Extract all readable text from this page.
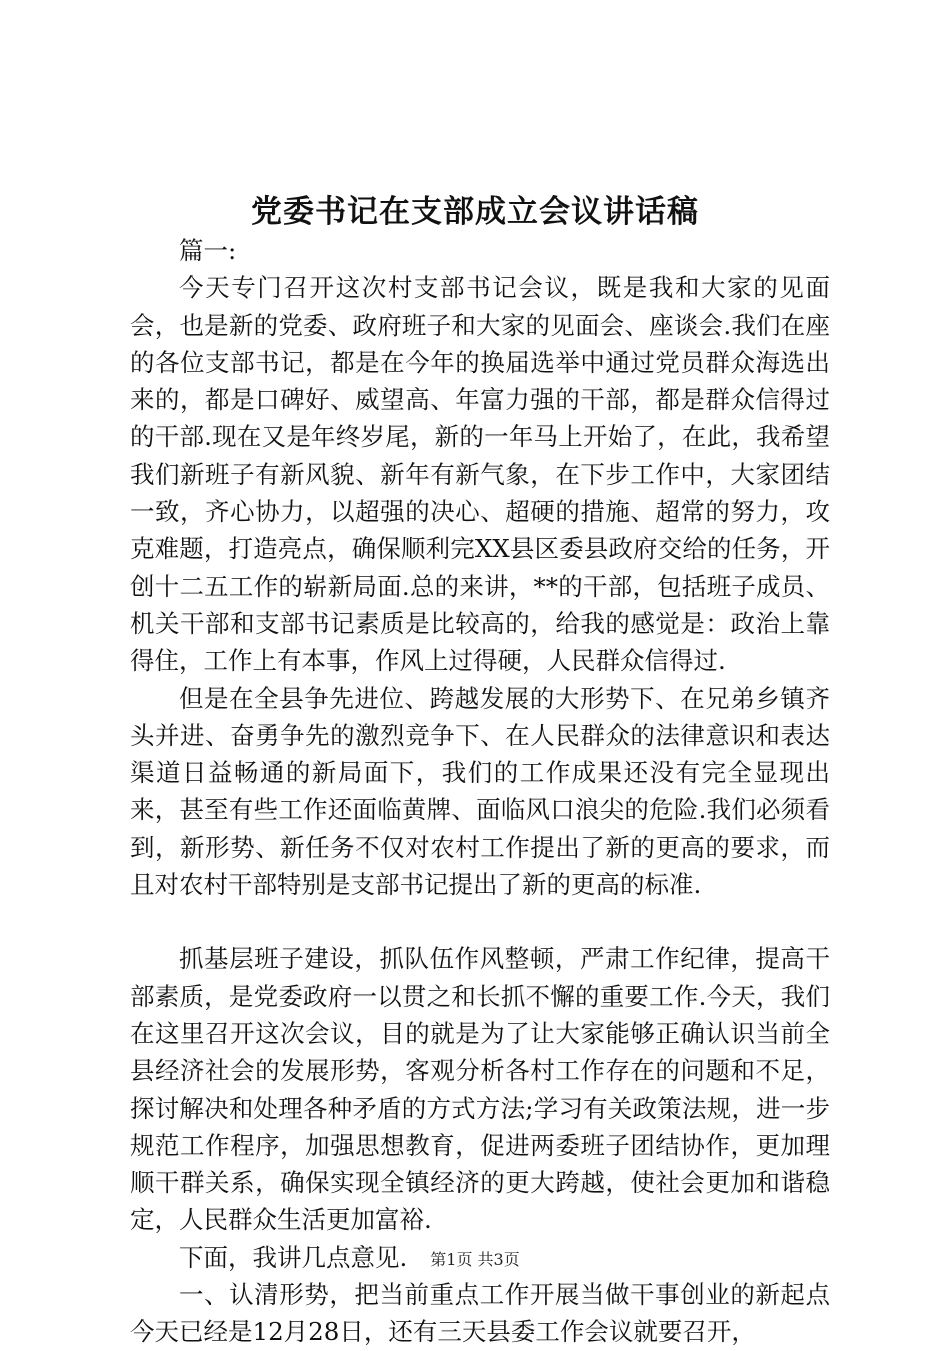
党委书记在支部成立会议讲话稿

篇一:

今天专门召开这次村支部书记会议，既是我和大家的见面会，也是新的党委、政府班子和大家的见面会、座谈会.我们在座的各位支部书记，都是在今年的换届选举中通过党员群众海选出来的，都是口碑好、威望高、年富力强的干部，都是群众信得过的干部.现在又是年终岁尾，新的一年马上开始了，在此，我希望我们新班子有新风貌、新年有新气象，在下步工作中，大家团结一致，齐心协力，以超强的决心、超硬的措施、超常的努力，攻克难题，打造亮点，确保顺利完XX县区委县政府交给的任务，开创十二五工作的崭新局面.总的来讲，**的干部，包括班子成员、机关干部和支部书记素质是比较高的，给我的感觉是：政治上靠得住，工作上有本事，作风上过得硬，人民群众信得过.

但是在全县争先进位、跨越发展的大形势下、在兄弟乡镇齐头并进、奋勇争先的激烈竞争下、在人民群众的法律意识和表达渠道日益畅通的新局面下，我们的工作成果还没有完全显现出来，甚至有些工作还面临黄牌、面临风口浪尖的危险.我们必须看到，新形势、新任务不仅对农村工作提出了新的更高的要求，而且对农村干部特别是支部书记提出了新的更高的标准.

抓基层班子建设，抓队伍作风整顿，严肃工作纪律，提高干部素质，是党委政府一以贯之和长抓不懈的重要工作.今天，我们在这里召开这次会议，目的就是为了让大家能够正确认识当前全县经济社会的发展形势，客观分析各村工作存在的问题和不足，探讨解决和处理各种矛盾的方式方法;学习有关政策法规，进一步规范工作程序，加强思想教育，促进两委班子团结协作，更加理顺干群关系，确保实现全镇经济的更大跨越，使社会更加和谐稳定，人民群众生活更加富裕.

下面，我讲几点意见.

一、认清形势，把当前重点工作开展当做干事创业的新起点今天已经是12月28日，还有三天县委工作会议就要召开，

第1页 共3页
